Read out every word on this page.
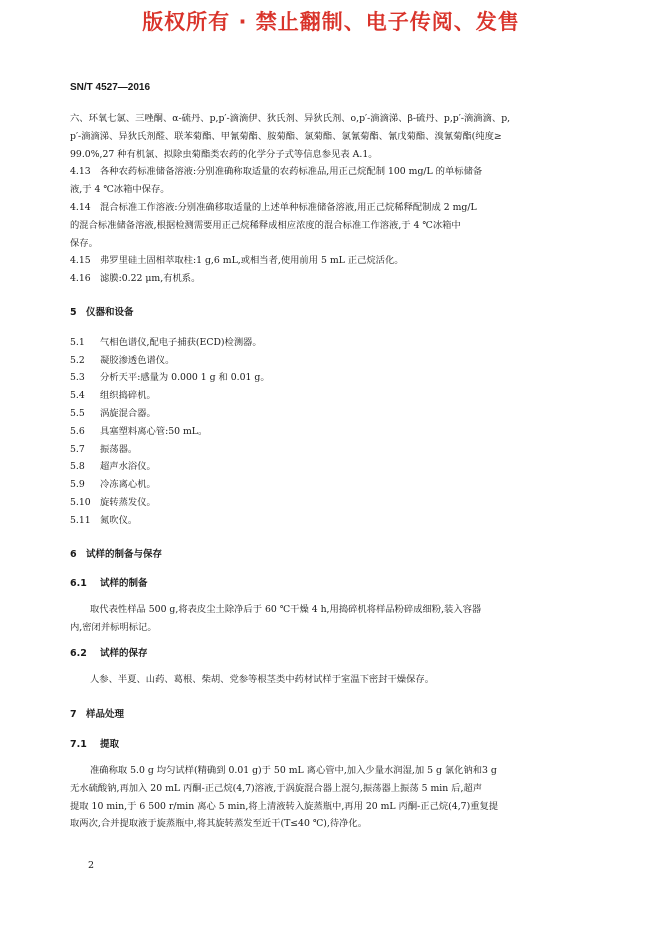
版权所有 · 禁止翻制、电子传阅、发售
SN/T 4527—2016

六、环氧七氯、三唑酮、α-硫丹、p,p′-滴滴伊、狄氏剂、异狄氏剂、o,p′-滴滴涕、β-硫丹、p,p′-滴滴滴、p,

p′-滴滴涕、异狄氏剂醛、联苯菊酯、甲氰菊酯、胺菊酯、氯菊酯、氯氰菊酯、氰戊菊酯、溴氰菊酯(纯度≥

99.0%,27 种有机氯、拟除虫菊酯类农药的化学分子式等信息参见表 A.1。

4.13 各种农药标准储备溶液:分别准确称取适量的农药标准品,用正己烷配制 100 mg/L 的单标储备

液,于 4 ℃冰箱中保存。

4.14 混合标准工作溶液:分别准确移取适量的上述单种标准储备溶液,用正己烷稀释配制成 2 mg/L

的混合标准储备溶液,根据检测需要用正己烷稀释成相应浓度的混合标准工作溶液,于 4 ℃冰箱中

保存。

4.15 弗罗里硅土固相萃取柱:1 g,6 mL,或相当者,使用前用 5 mL 正己烷活化。
4.16 滤膜:0.22 μm,有机系。
5 仪器和设备
5.1	气相色谱仪,配电子捕获(ECD)检测器。
5.2	凝胶渗透色谱仪。
5.3	分析天平:感量为 0.000 1 g 和 0.01 g。
5.4	组织捣碎机。
5.5	涡旋混合器。
5.6	具塞塑料离心管:50 mL。
5.7	振荡器。
5.8	超声水浴仪。
5.9	冷冻离心机。
5.10 旋转蒸发仪。
5.11 氮吹仪。
6 试样的制备与保存
6.1	试样的制备

取代表性样品 500 g,将表皮尘土除净后于 60 ℃干燥 4 h,用捣碎机将样品粉碎成细粉,装入容器

内,密闭并标明标记。

6.2	试样的保存

人参、半夏、山药、葛根、柴胡、党参等根茎类中药材试样于室温下密封干燥保存。

7 样品处理
7.1	提取

准确称取 5.0 g 均匀试样(精确到 0.01 g)于 50 mL 离心管中,加入少量水润湿,加 5 g 氯化钠和3 g

无水硫酸钠,再加入 20 mL 丙酮-正己烷(4,7)溶液,于涡旋混合器上混匀,振荡器上振荡 5 min 后,超声

提取 10 min,于 6 500 r/min 离心 5 min,将上清液转入旋蒸瓶中,再用 20 mL 丙酮-正己烷(4,7)重复提

取两次,合并提取液于旋蒸瓶中,将其旋转蒸发至近干(T≤40 ℃),待净化。

2
